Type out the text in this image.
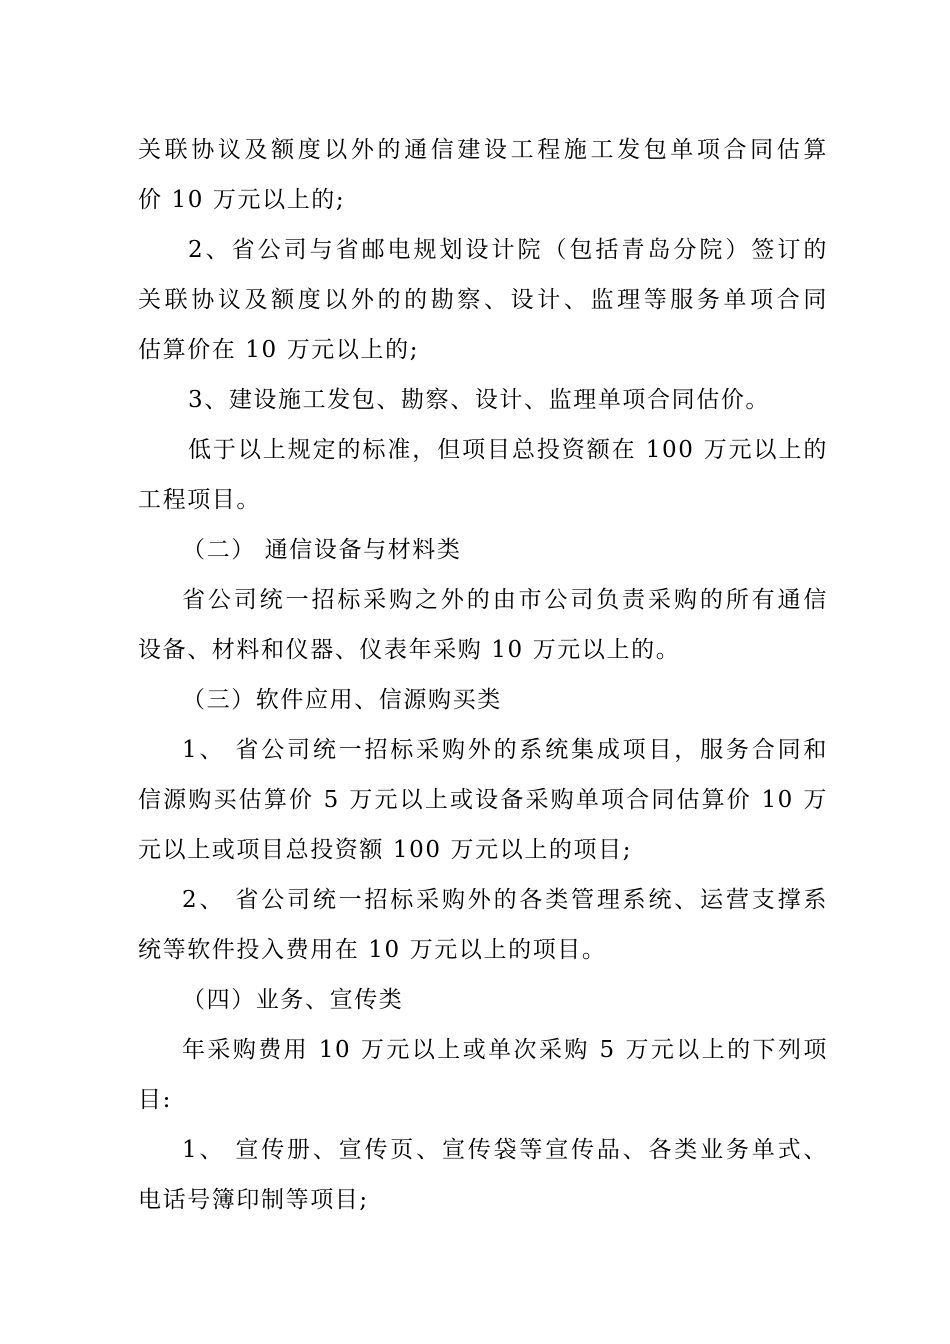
关联协议及额度以外的通信建设工程施工发包单项合同估算
价 10 万元以上的;
2、省公司与省邮电规划设计院（包括青岛分院）签订的
关联协议及额度以外的的勘察、设计、监理等服务单项合同
估算价在 10 万元以上的;
3、建设施工发包、勘察、设计、监理单项合同估价。
低于以上规定的标准，但项目总投资额在 100 万元以上的
工程项目。
（二） 通信设备与材料类
省公司统一招标采购之外的由市公司负责采购的所有通信
设备、材料和仪器、仪表年采购 10 万元以上的。
（三）软件应用、信源购买类
1、 省公司统一招标采购外的系统集成项目，服务合同和
信源购买估算价 5 万元以上或设备采购单项合同估算价 10 万
元以上或项目总投资额 100 万元以上的项目;
2、 省公司统一招标采购外的各类管理系统、运营支撑系
统等软件投入费用在 10 万元以上的项目。
（四）业务、宣传类
年采购费用 10 万元以上或单次采购 5 万元以上的下列项
目:
1、 宣传册、宣传页、宣传袋等宣传品、各类业务单式、
电话号簿印制等项目;
